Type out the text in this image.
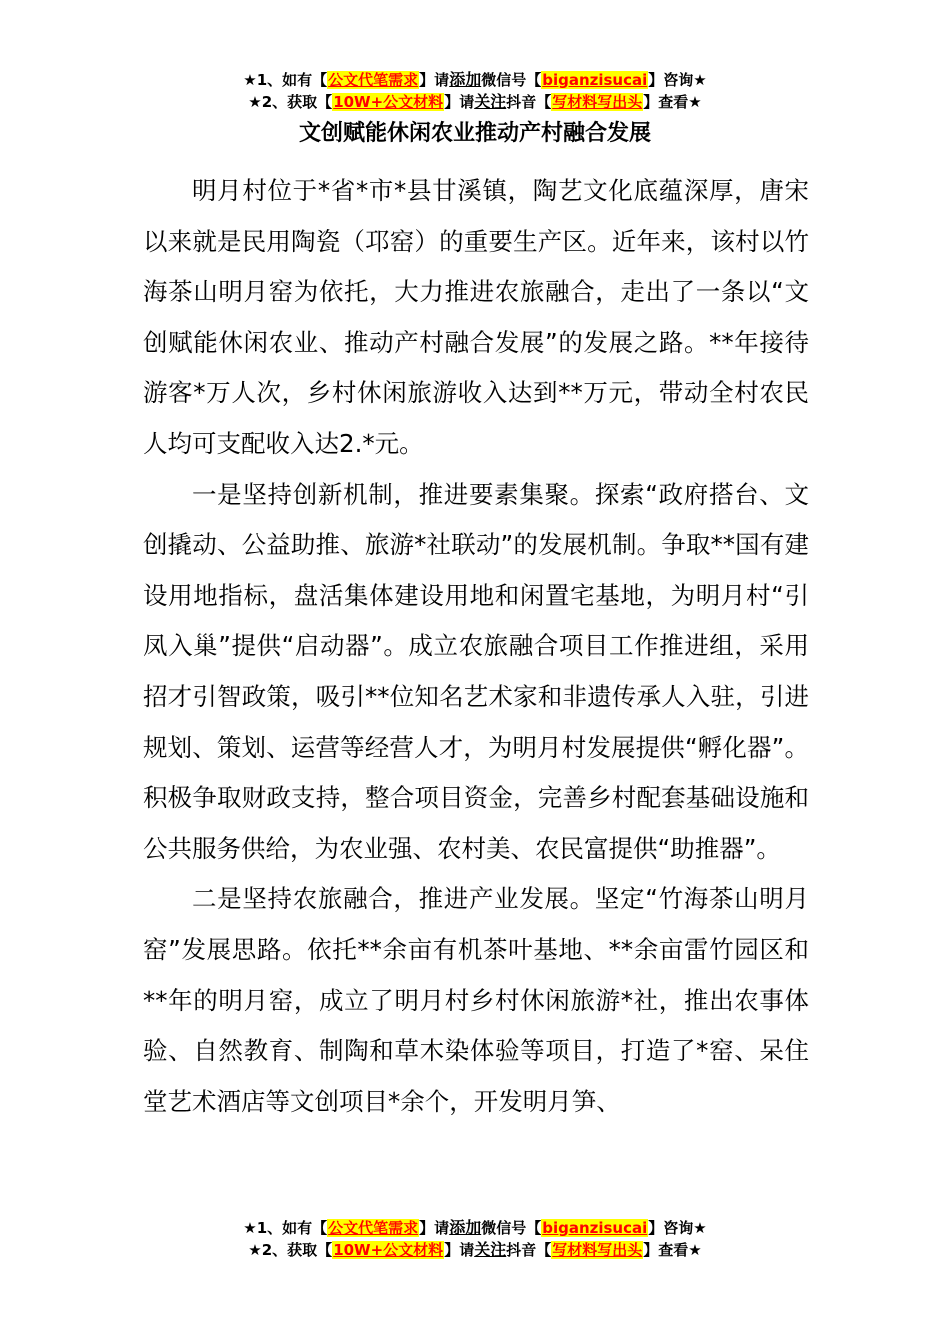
★1、如有【公文代笔需求】请添加微信号【biganzisucai】咨询★
★2、获取【10W+公文材料】请关注抖音【写材料写出头】查看★
文创赋能休闲农业推动产村融合发展

明月村位于*省*市*县甘溪镇，陶艺文化底蕴深厚，唐宋以来就是民用陶瓷（邛窑）的重要生产区。近年来，该村以竹海茶山明月窑为依托，大力推进农旅融合，走出了一条以“文创赋能休闲农业、推动产村融合发展”的发展之路。**年接待游客*万人次，乡村休闲旅游收入达到**万元，带动全村农民人均可支配收入达2.*元。

一是坚持创新机制，推进要素集聚。探索“政府搭台、文创撬动、公益助推、旅游*社联动”的发展机制。争取**国有建设用地指标，盘活集体建设用地和闲置宅基地，为明月村“引凤入巢”提供“启动器”。成立农旅融合项目工作推进组，采用招才引智政策，吸引**位知名艺术家和非遗传承人入驻，引进规划、策划、运营等经营人才，为明月村发展提供“孵化器”。积极争取财政支持，整合项目资金，完善乡村配套基础设施和公共服务供给，为农业强、农村美、农民富提供“助推器”。

二是坚持农旅融合，推进产业发展。坚定“竹海茶山明月窑”发展思路。依托**余亩有机茶叶基地、**余亩雷竹园区和**年的明月窑，成立了明月村乡村休闲旅游*社，推出农事体验、自然教育、制陶和草木染体验等项目，打造了*窑、呆住堂艺术酒店等文创项目*余个，开发明月笋、

★1、如有【公文代笔需求】请添加微信号【biganzisucai】咨询★
★2、获取【10W+公文材料】请关注抖音【写材料写出头】查看★
